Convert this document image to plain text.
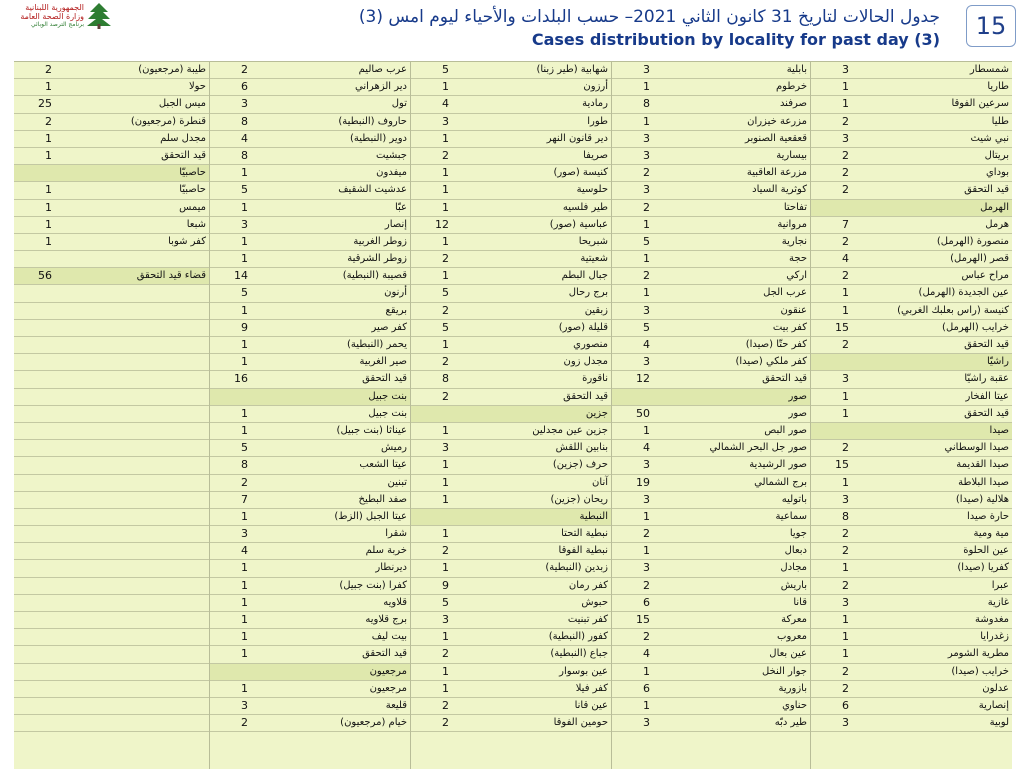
الجمهورية اللبنانية
وزارة الصحة العامة
برنامج الترصد الوبائي	جدول الحالات لتاريخ 31 كانون الثاني 2021– حسب البلدات والأحياء ليوم امس (3)
Cases distribution by locality for past day (3)	15
شمسطار
3
طاريا
1
سرعين الفوقا
1
طليا
2
نبي شيث
3
بريتال
2
بوداي
2
قيد التحقق
2
الهرمل
هرمل
7
منصورة (الهرمل)
2
قصر (الهرمل)
4
مراح عباس
2
عين الجديدة (الهرمل)
1
كنيسة (راس بعلبك الغربي)
1
خرايب (الهرمل)
15
قيد التحقق
2
راشيّا
عقبة راشيّا
3
عيتا الفخار
1
قيد التحقق
1
صيدا
صيدا الوسطاني
2
صيدا القديمة
15
صيدا البلاطة
1
هلالية (صيدا)
3
حارة صيدا
8
مية ومية
2
عين الحلوة
2
كفريا (صيدا)
1
عبرا
2
غازية
3
مغدوشة
1
زغدرايا
1
مطرية الشومر
1
خرايب (صيدا)
2
عدلون
2
إنصارية
6
لوبية
3
بابلية
3
خرطوم
1
صرفند
8
مزرعة خيزران
1
قعقعية الصنوبر
3
بيسارية
3
مزرعة العاقبية
2
كوثرية السياد
3
تفاحتا
2
مروانية
1
نجارية
5
حجة
1
اركي
2
عرب الجل
1
عنقون
3
كفر بيت
5
كفر حتّا (صيدا)
4
كفر ملكي (صيدا)
3
قيد التحقق
12
صور
صور
50
صور البص
1
صور جل البحر الشمالي
4
صور الرشيدية
3
برج الشمالي
19
باتوليه
3
سماعية
1
جويا
2
دبعال
1
مجادل
3
باريش
2
قانا
6
معركة
15
معروب
2
عين بعال
4
جوار النخل
1
بازورية
6
حناوي
1
طير دبّه
3
شهابية (طير زبنا)
5
أرزون
1
رمادية
4
طورا
3
دير قانون النهر
1
صريفا
2
كنيسة (صور)
1
حلوسية
1
طير فلسيه
1
عباسية (صور)
12
شبريحا
1
شعيتية
2
جبال البطم
1
برج رحال
5
زبقين
2
قليلة (صور)
5
منصوري
1
مجدل زون
2
ناقورة
8
قيد التحقق
2
جزين
جزين عين مجدلين
1
بنابين اللقش
3
حرف (جزين)
1
آنان
1
ريحان (جزين)
1
النبطية
نبطية التحتا
1
نبطية الفوقا
2
زبدين (النبطية)
1
كفر رمان
9
حبوش
5
كفر تبنيت
3
كفور (النبطية)
1
جباع (النبطية)
2
عين بوسوار
1
كفر فيلا
1
عين قانا
2
حومين الفوقا
2
عرب صاليم
2
دير الزهراني
6
تول
3
حاروف (النبطية)
8
دوير (النبطية)
4
جبشيت
8
ميفدون
1
عدشيت الشقيف
5
عبّا
1
إنصار
3
زوطر الغربية
1
زوطر الشرقية
1
قصيبة (النبطية)
14
أرنون
5
بريقع
1
كفر صير
9
يحمر (النبطية)
1
صير الغربية
1
قيد التحقق
16
بنت جبيل
بنت جبيل
1
عيناثا (بنت جبيل)
1
رميش
5
عيتا الشعب
8
تبنين
2
صفد البطيخ
7
عيتا الجبل (الزط)
1
شقرا
3
خربة سلم
4
ديرنطار
1
كفرا (بنت جبيل)
1
قلاويه
1
برج قلاويه
1
بيت ليف
1
قيد التحقق
1
مرجعيون
مرجعيون
1
قليعة
3
خيام (مرجعيون)
2
طيبة (مرجعيون)
2
حولا
1
ميس الجبل
25
قنطرة (مرجعيون)
2
مجدل سلم
1
قيد التحقق
1
حاصبيّا
حاصبيّا
1
ميمس
1
شبعا
1
كفر شوبا
1
قضاء قيد التحقق
56
